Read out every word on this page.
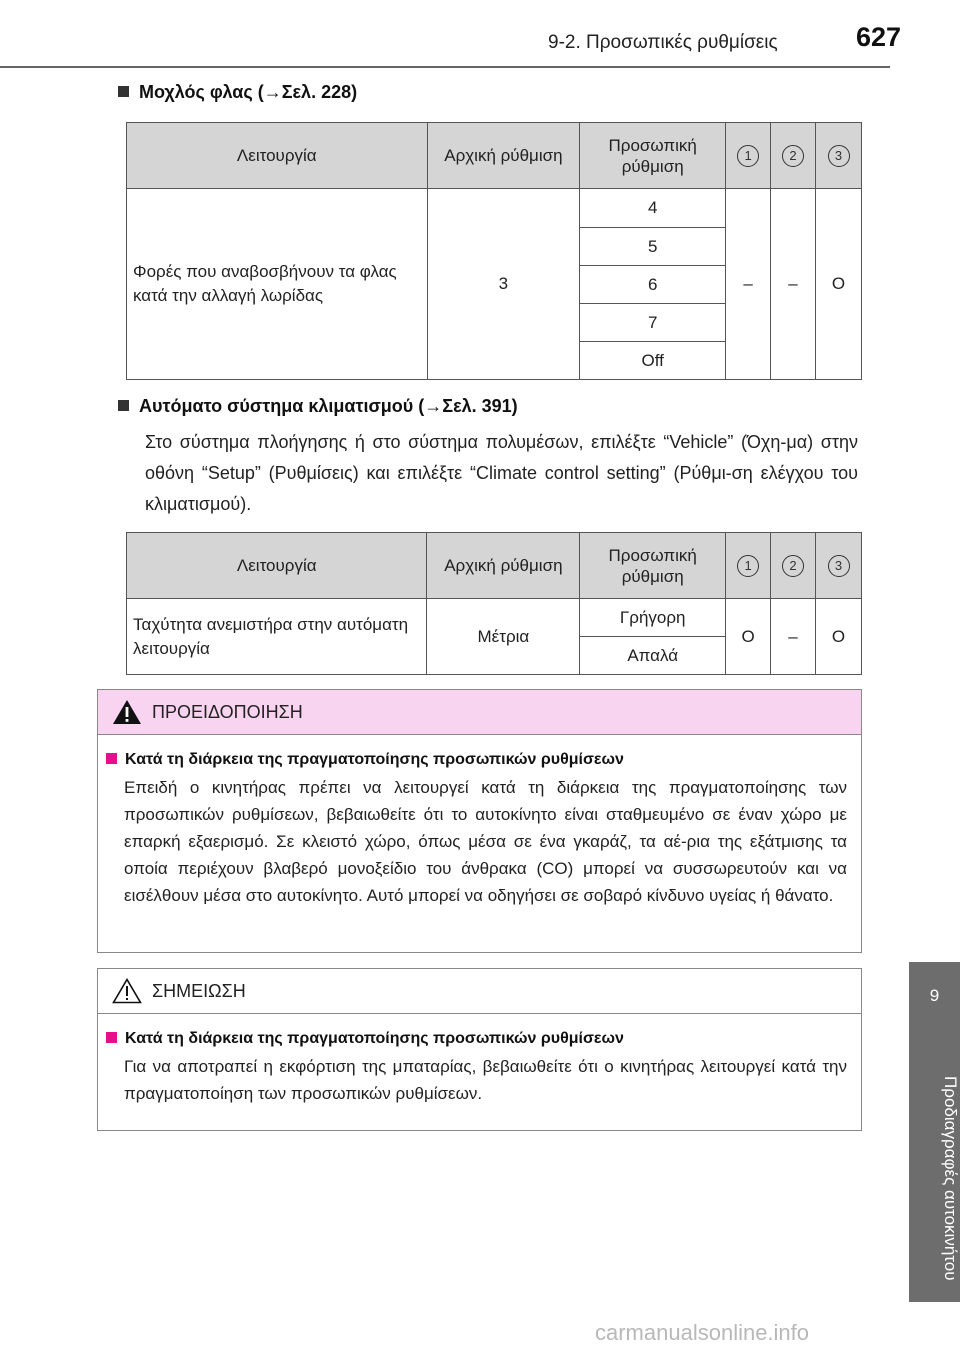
9-2. Προσωπικές ρυθμίσεις	627
9
Προδιαγραφές αυτοκινήτου
Μοχλός φλας (→Σελ. 228)
Λειτουργία	Αρχική ρύθμιση	Προσωπική ρύθμιση	1	2	3
Φορές που αναβοσβήνουν τα φλας κατά την αλλαγή λωρίδας	3	4	–	–	O
		5			
		6			
		7			
		Off			
Αυτόματο σύστημα κλιματισμού (→Σελ. 391)
Στο σύστημα πλοήγησης ή στο σύστημα πολυμέσων, επιλέξτε “Vehicle” (Όχη-μα) στην οθόνη “Setup” (Ρυθμίσεις) και επιλέξτε “Climate control setting” (Ρύθμι-ση ελέγχου του κλιματισμού).
Λειτουργία	Αρχική ρύθμιση	Προσωπική ρύθμιση	1	2	3
Ταχύτητα ανεμιστήρα στην αυτόματη λειτουργία	Μέτρια	Γρήγορη	O	–	O
		Απαλά			
ΠΡΟΕΙΔΟΠΟΙΗΣΗ
Κατά τη διάρκεια της πραγματοποίησης προσωπικών ρυθμίσεων
Επειδή ο κινητήρας πρέπει να λειτουργεί κατά τη διάρκεια της πραγματοποίησης των προσωπικών ρυθμίσεων, βεβαιωθείτε ότι το αυτοκίνητο είναι σταθμευμένο σε έναν χώρο με επαρκή εξαερισμό. Σε κλειστό χώρο, όπως μέσα σε ένα γκαράζ, τα αέ-ρια της εξάτμισης τα οποία περιέχουν βλαβερό μονοξείδιο του άνθρακα (CO) μπορεί να συσσωρευτούν και να εισέλθουν μέσα στο αυτοκίνητο. Αυτό μπορεί να οδηγήσει σε σοβαρό κίνδυνο υγείας ή θάνατο.
ΣΗΜΕΙΩΣΗ
Κατά τη διάρκεια της πραγματοποίησης προσωπικών ρυθμίσεων
Για να αποτραπεί η εκφόρτιση της μπαταρίας, βεβαιωθείτε ότι ο κινητήρας λειτουργεί κατά την πραγματοποίηση των προσωπικών ρυθμίσεων.
carmanualsonline.info
